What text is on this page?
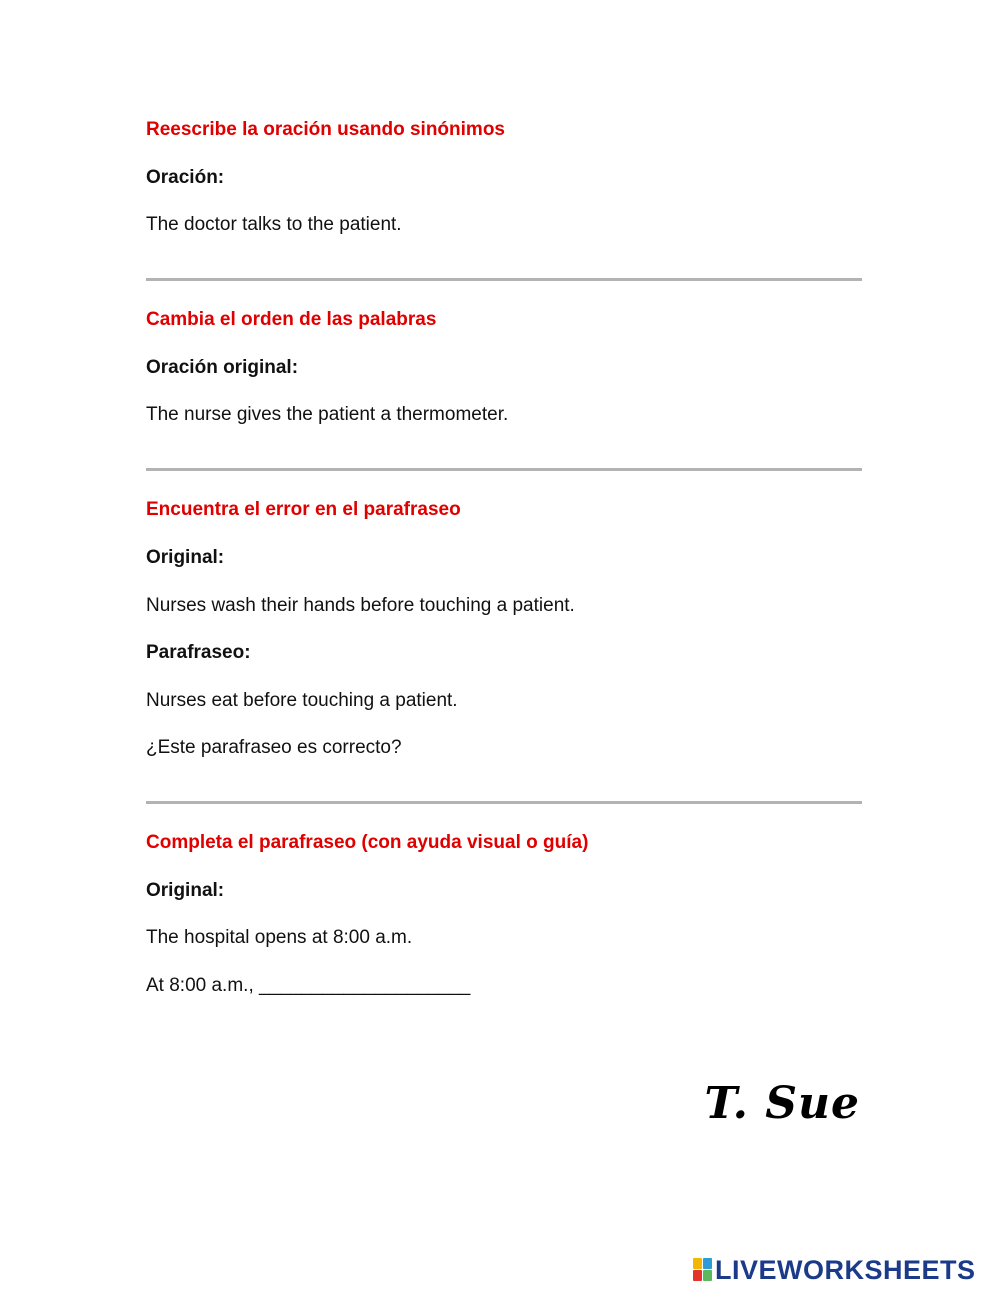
Reescribe la oración usando sinónimos
Oración:
The doctor talks to the patient.
Cambia el orden de las palabras
Oración original:
The nurse gives the patient a thermometer.
Encuentra el error en el parafraseo
Original:
Nurses wash their hands before touching a patient.
Parafraseo:
Nurses eat before touching a patient.
¿Este parafraseo es correcto?
Completa el parafraseo (con ayuda visual o guía)
Original:
The hospital opens at 8:00 a.m.
At 8:00 a.m., ____________________
T. Sue
LIVEWORKSHEETS
